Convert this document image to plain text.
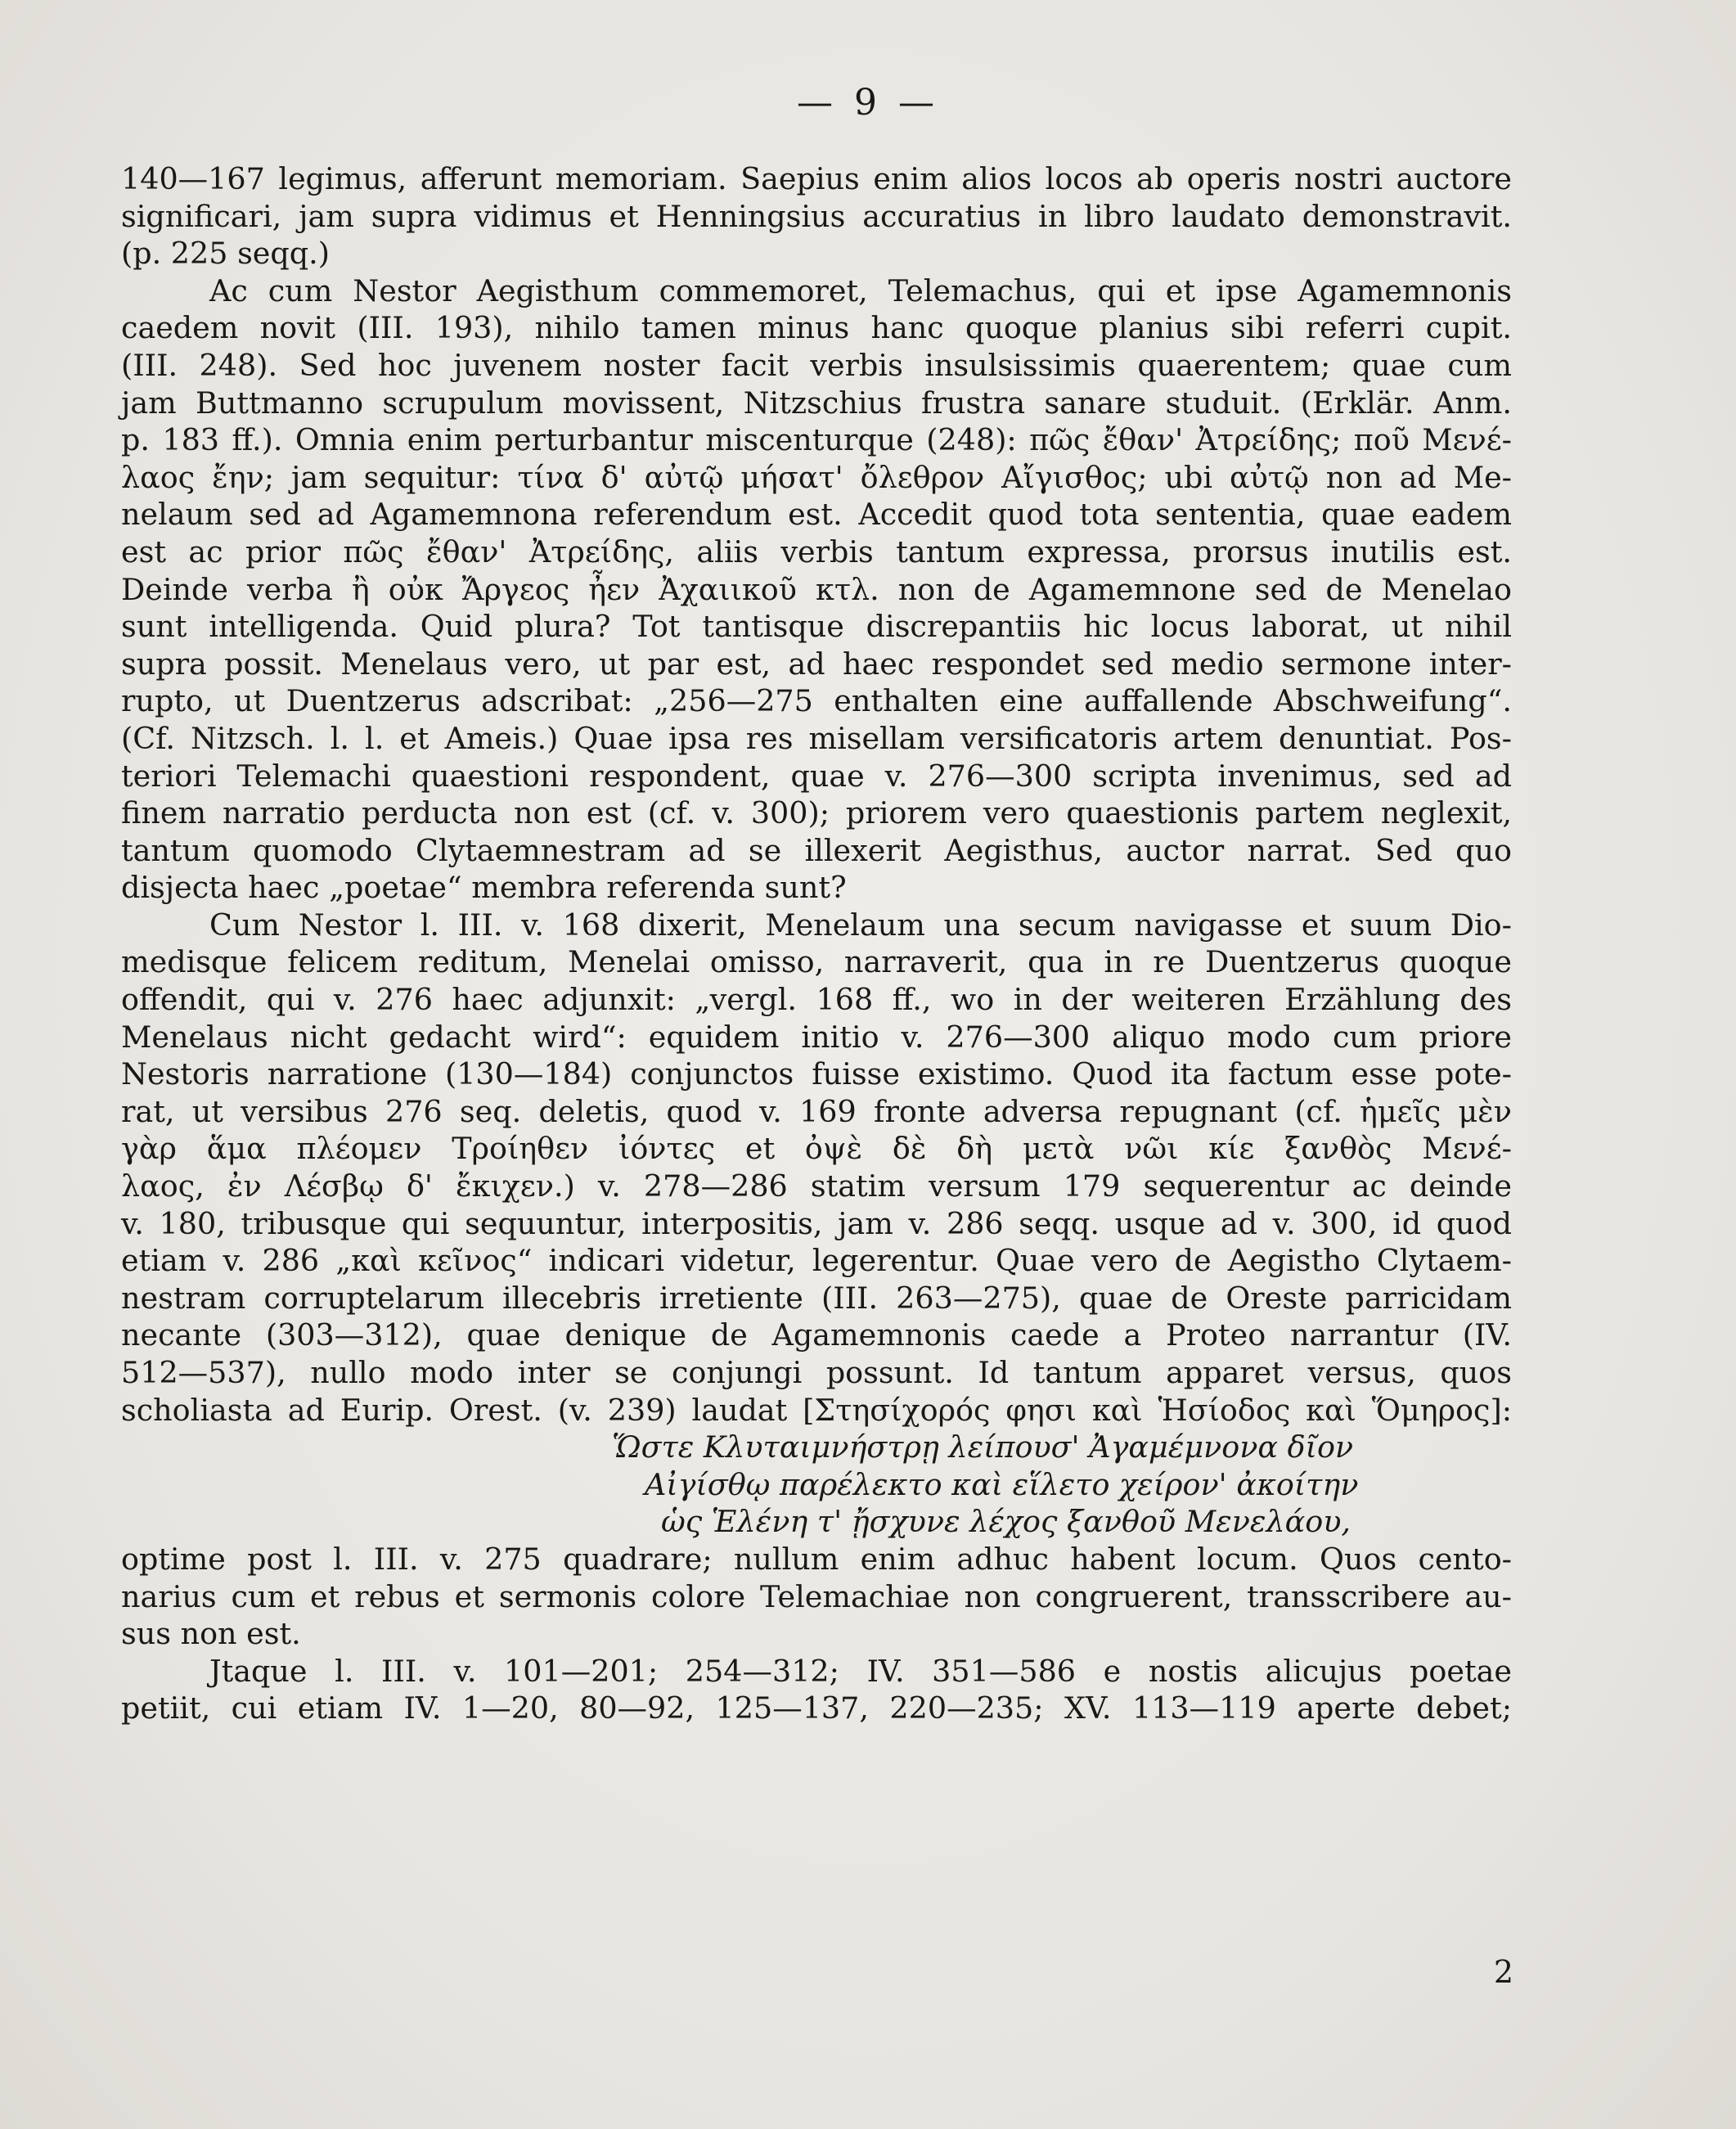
— 9 —

140—167 legimus, afferunt memoriam. Saepius enim alios locos ab operis nostri auctore

significari, jam supra vidimus et Henningsius accuratius in libro laudato demonstravit.

(p. 225 seqq.)

Ac cum Nestor Aegisthum commemoret, Telemachus, qui et ipse Agamemnonis

caedem novit (III. 193), nihilo tamen minus hanc quoque planius sibi referri cupit.

(III. 248). Sed hoc juvenem noster facit verbis insulsissimis quaerentem; quae cum

jam Buttmanno scrupulum movissent, Nitzschius frustra sanare studuit. (Erklär. Anm.

p. 183 ff.). Omnia enim perturbantur miscenturque (248): πῶς ἔθαν' Ἀτρείδης; ποῦ Μενέ-

λαος ἔην; jam sequitur: τίνα δ' αὐτῷ μήσατ' ὄλεθρον Αἴγισθος; ubi αὐτῷ non ad Me-

nelaum sed ad Agamemnona referendum est. Accedit quod tota sententia, quae eadem

est ac prior πῶς ἔθαν' Ἀτρείδης, aliis verbis tantum expressa, prorsus inutilis est.

Deinde verba ἢ οὐκ Ἄργεος ἦεν Ἀχαιικοῦ κτλ. non de Agamemnone sed de Menelao

sunt intelligenda. Quid plura? Tot tantisque discrepantiis hic locus laborat, ut nihil

supra possit. Menelaus vero, ut par est, ad haec respondet sed medio sermone inter-

rupto, ut Duentzerus adscribat: „256—275 enthalten eine auffallende Abschweifung“.

(Cf. Nitzsch. l. l. et Ameis.) Quae ipsa res misellam versificatoris artem denuntiat. Pos-

teriori Telemachi quaestioni respondent, quae v. 276—300 scripta invenimus, sed ad

finem narratio perducta non est (cf. v. 300); priorem vero quaestionis partem neglexit,

tantum quomodo Clytaemnestram ad se illexerit Aegisthus, auctor narrat. Sed quo

disjecta haec „poetae“ membra referenda sunt?

Cum Nestor l. III. v. 168 dixerit, Menelaum una secum navigasse et suum Dio-

medisque felicem reditum, Menelai omisso, narraverit, qua in re Duentzerus quoque

offendit, qui v. 276 haec adjunxit: „vergl. 168 ff., wo in der weiteren Erzählung des

Menelaus nicht gedacht wird“: equidem initio v. 276—300 aliquo modo cum priore

Nestoris narratione (130—184) conjunctos fuisse existimo. Quod ita factum esse pote-

rat, ut versibus 276 seq. deletis, quod v. 169 fronte adversa repugnant (cf. ἡμεῖς μὲν

γὰρ ἅμα πλέομεν Τροίηθεν ἰόντες et ὀψὲ δὲ δὴ μετὰ νῶι κίε ξανθὸς Μενέ-

λαος, ἐν Λέσβῳ δ' ἔκιχεν.) v. 278—286 statim versum 179 sequerentur ac deinde

v. 180, tribusque qui sequuntur, interpositis, jam v. 286 seqq. usque ad v. 300, id quod

etiam v. 286 „καὶ κεῖνος“ indicari videtur, legerentur. Quae vero de Aegistho Clytaem-

nestram corruptelarum illecebris irretiente (III. 263—275), quae de Oreste parricidam

necante (303—312), quae denique de Agamemnonis caede a Proteo narrantur (IV.

512—537), nullo modo inter se conjungi possunt. Id tantum apparet versus, quos

scholiasta ad Eurip. Orest. (v. 239) laudat [Στησίχορός φησι καὶ Ἡσίοδος καὶ Ὅμηρος]:

Ὥστε Κλυταιμνήστρῃ λείπουσ' Ἀγαμέμνονα δῖον

Αἰγίσθῳ παρέλεκτο καὶ εἵλετο χείρον' ἀκοίτην

ὡς Ἑλένη τ' ᾔσχυνε λέχος ξανθοῦ Μενελάου,

optime post l. III. v. 275 quadrare; nullum enim adhuc habent locum. Quos cento-

narius cum et rebus et sermonis colore Telemachiae non congruerent, transscribere au-

sus non est.

Jtaque l. III. v. 101—201; 254—312; IV. 351—586 e nostis alicujus poetae

petiit, cui etiam IV. 1—20, 80—92, 125—137, 220—235; XV. 113—119 aperte debet;

2
